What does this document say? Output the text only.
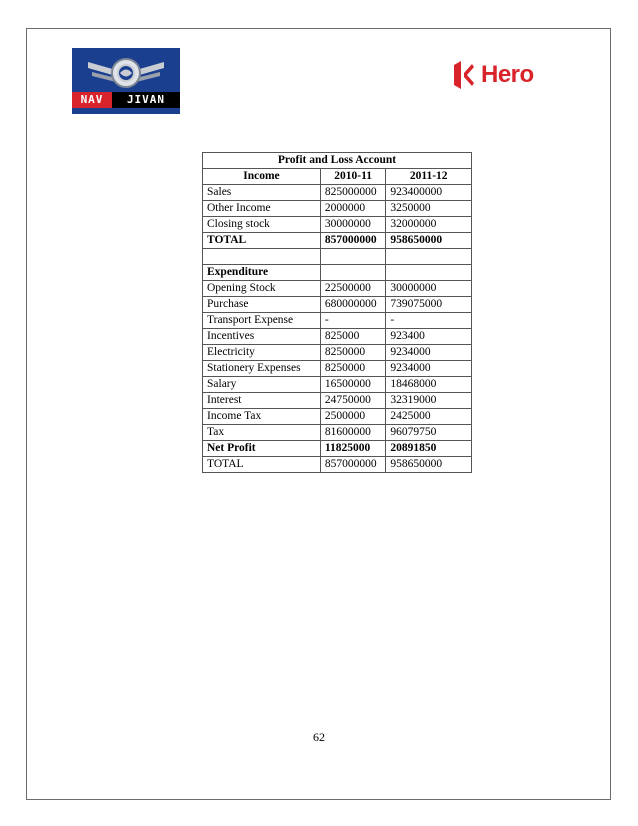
NAV	JIVAN
Hero
Profit and Loss Account		
Income	2010-11	2011-12
Sales	825000000	923400000
Other Income	2000000	3250000
Closing stock	30000000	32000000
TOTAL	857000000	958650000

Expenditure		
Opening Stock	22500000	30000000
Purchase	680000000	739075000
Transport Expense	-	-
Incentives	825000	923400
Electricity	8250000	9234000
Stationery Expenses	8250000	9234000
Salary	16500000	18468000
Interest	24750000	32319000
Income Tax	2500000	2425000
Tax	81600000	96079750
Net Profit	11825000	20891850
TOTAL	857000000	958650000
62
